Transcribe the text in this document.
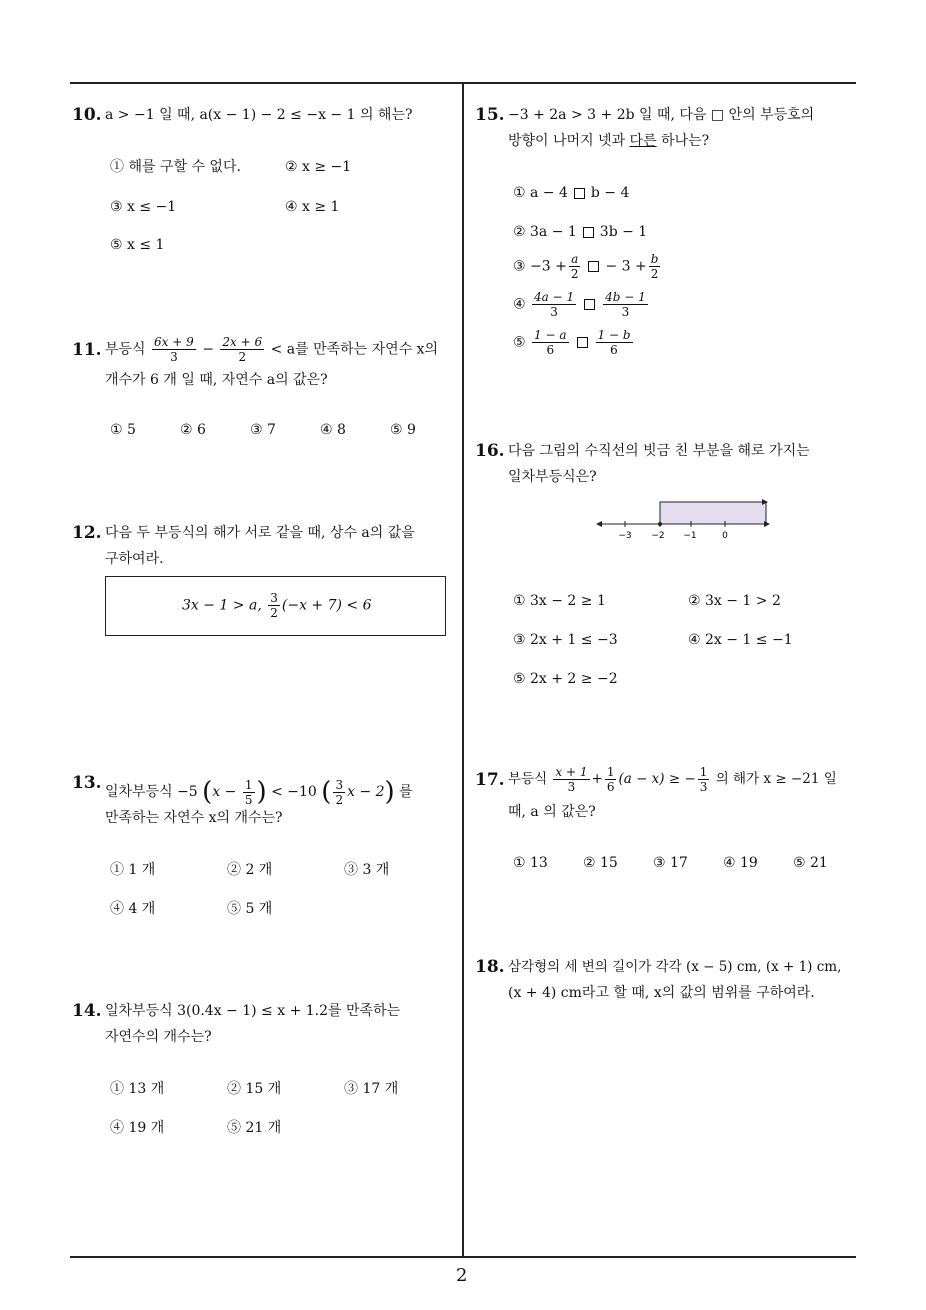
2
10. a > −1 일 때, a(x − 1) − 2 ≤ −x − 1 의 해는?
① 해를 구할 수 없다.	② x ≥ −1
③ x ≤ −1	④ x ≥ 1
⑤ x ≤ 1
11. 부등식 $\frac{6x + 9}{3} - \frac{2x + 6}{2} < a$를 만족하는 자연수 x의
개수가 6 개 일 때, 자연수 a의 값은?
① 5	② 6	③ 7	④ 8	⑤ 9
12. 다음 두 부등식의 해가 서로 같을 때, 상수 a의 값을
구하여라.
3x − 1 > a, $\frac{3}{2} (-x + 7) < 6$
13. 일차부등식 −5 ($x - \frac{1}{5}$ ) < −10 ( $\frac{3}{2}$ x − 2) 를
만족하는 자연수 x의 개수는?
① 1 개	② 2 개	③ 3 개
④ 4 개	⑤ 5 개
14. 일차부등식 3(0.4x − 1) ≤ x + 1.2를 만족하는
자연수의 개수는?
① 13 개	② 15 개	③ 17 개
④ 19 개	⑤ 21 개
15. −3 + 2a > 3 + 2b 일 때, 다음 □ 안의 부등호의
방향이 나머지 넷과 다른 하나는?
① a − 4 b − 4
② 3a − 1 3b − 1
③ $-3 + \frac{a}{2} - 3 + \frac{b}{2}$
④ $\frac{4a - 1}{3} \frac{4b - 1}{3}$
⑤ $\frac{1 - a}{6} \frac{1 - b}{6}$
16. 다음 그림의 수직선의 빗금 친 부분을 해로 가지는
일차부등식은?
① 3x − 2 ≥ 1	② 3x − 1 > 2
③ 2x + 1 ≤ −3	④ 2x − 1 ≤ −1
⑤ 2x + 2 ≥ −2
−3 −2 −1	0
17. 부등식 $\frac{x + 1}{3} + \frac{1}{6} (a - x)$ ≥ − $\frac{1}{3}$ 의 해가 x ≥ −21 일
때, a 의 값은?
① 13	② 15	③ 17	④ 19	⑤ 21
18. 삼각형의 세 변의 길이가 각각 (x − 5) cm, (x + 1) cm,
(x + 4) cm라고 할 때, x의 값의 범위를 구하여라.
